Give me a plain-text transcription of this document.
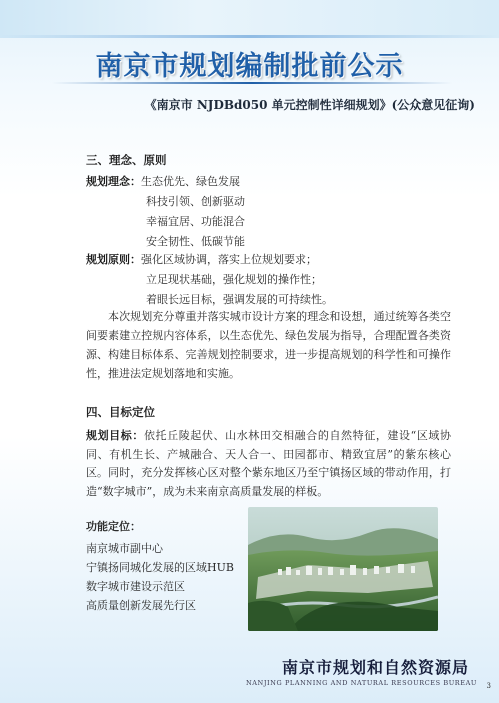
南京市规划编制批前公示
《南京市 NJDBd050 单元控制性详细规划》(公众意见征询)
三、理念、原则
规划理念：生态优先、绿色发展
科技引领、创新驱动
幸福宜居、功能混合
安全韧性、低碳节能
规划原则：强化区域协调，落实上位规划要求；
立足现状基础，强化规划的操作性；
着眼长远目标，强调发展的可持续性。
本次规划充分尊重并落实城市设计方案的理念和设想，通过统筹各类空间要素建立控规内容体系，以生态优先、绿色发展为指导，合理配置各类资源、构建目标体系、完善规划控制要求，进一步提高规划的科学性和可操作性，推进法定规划落地和实施。
四、目标定位
规划目标：依托丘陵起伏、山水林田交相融合的自然特征，建设“区域协同、有机生长、产城融合、天人合一、田园都市、精致宜居”的紫东核心区。同时，充分发挥核心区对整个紫东地区乃至宁镇扬区域的带动作用，打造“数字城市”，成为未来南京高质量发展的样板。
功能定位：
南京城市副中心
宁镇扬同城化发展的区域HUB
数字城市建设示范区
高质量创新发展先行区
南京市规划和自然资源局
NANJING PLANNING AND NATURAL RESOURCES BUREAU 3
